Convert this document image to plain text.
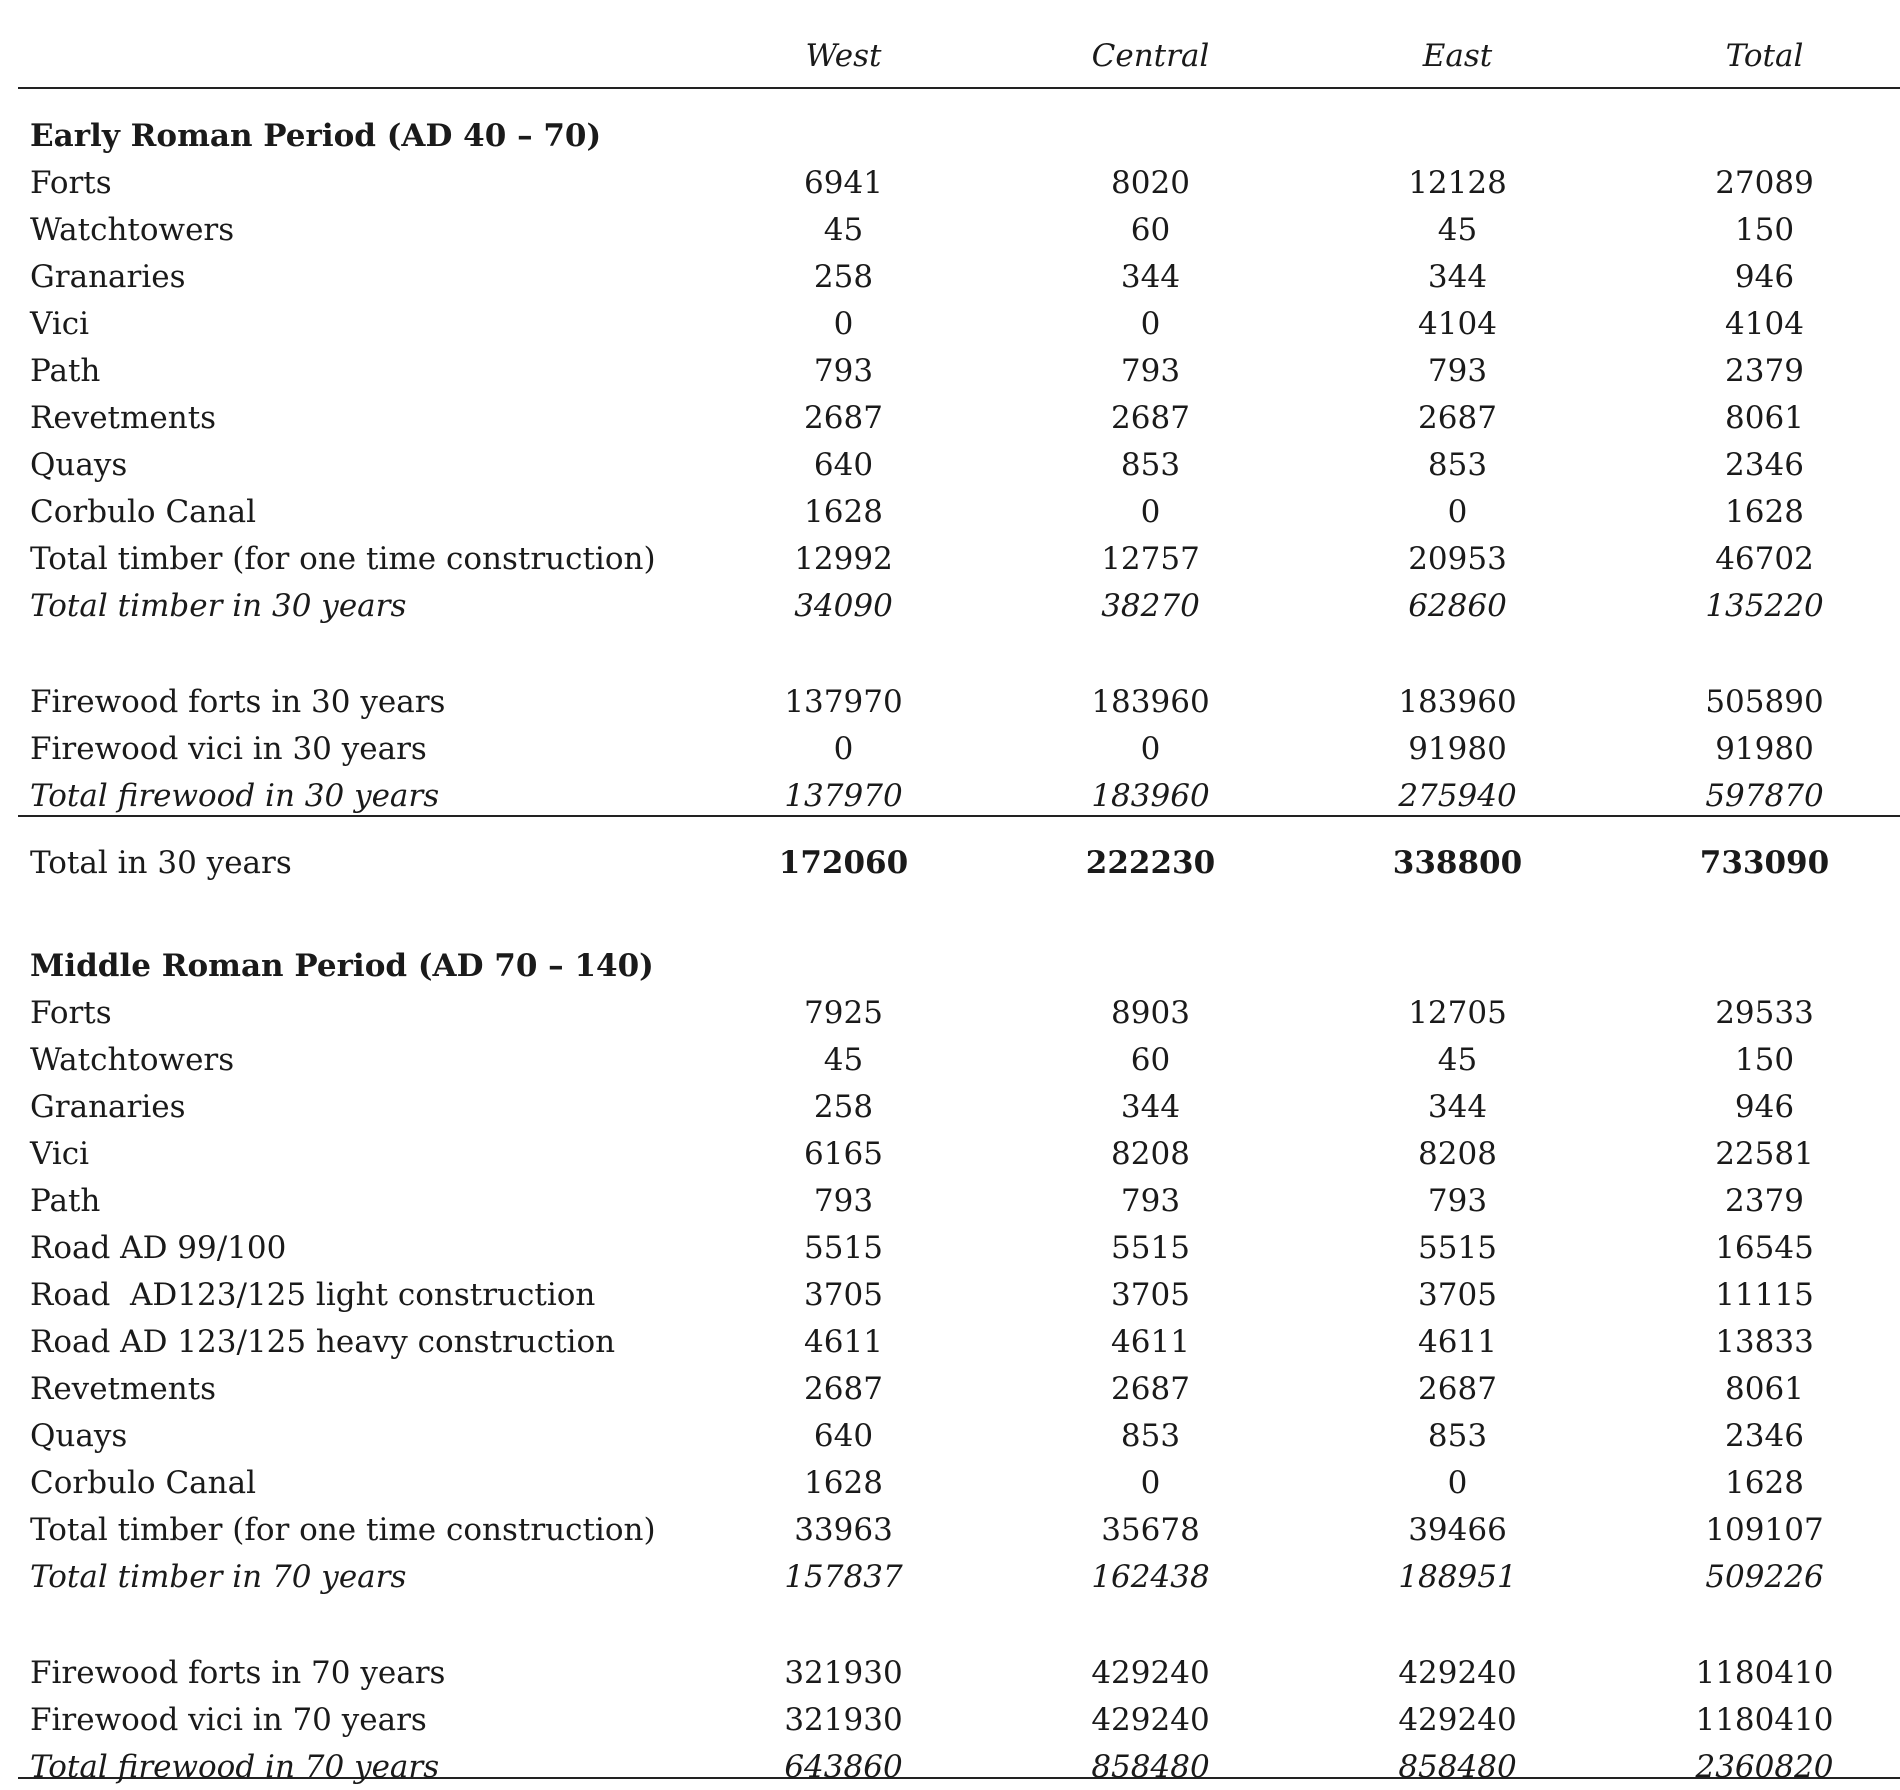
	West	Central	East	Total
Early Roman Period (AD 40 – 70)				
Forts	6941	8020	12128	27089
Watchtowers	45	60	45	150
Granaries	258	344	344	946
Vici	0	0	4104	4104
Path	793	793	793	2379
Revetments	2687	2687	2687	8061
Quays	640	853	853	2346
Corbulo Canal	1628	0	0	1628
Total timber (for one time construction)	12992	12757	20953	46702
Total timber in 30 years	34090	38270	62860	135220

Firewood forts in 30 years	137970	183960	183960	505890
Firewood vici in 30 years	0	0	91980	91980
Total firewood in 30 years	137970	183960	275940	597870

Total in 30 years	172060	222230	338800	733090

Middle Roman Period (AD 70 – 140)				
Forts	7925	8903	12705	29533
Watchtowers	45	60	45	150
Granaries	258	344	344	946
Vici	6165	8208	8208	22581
Path	793	793	793	2379
Road AD 99/100	5515	5515	5515	16545
Road  AD123/125 light construction	3705	3705	3705	11115
Road AD 123/125 heavy construction	4611	4611	4611	13833
Revetments	2687	2687	2687	8061
Quays	640	853	853	2346
Corbulo Canal	1628	0	0	1628
Total timber (for one time construction)	33963	35678	39466	109107
Total timber in 70 years	157837	162438	188951	509226

Firewood forts in 70 years	321930	429240	429240	1180410
Firewood vici in 70 years	321930	429240	429240	1180410
Total firewood in 70 years	643860	858480	858480	2360820
